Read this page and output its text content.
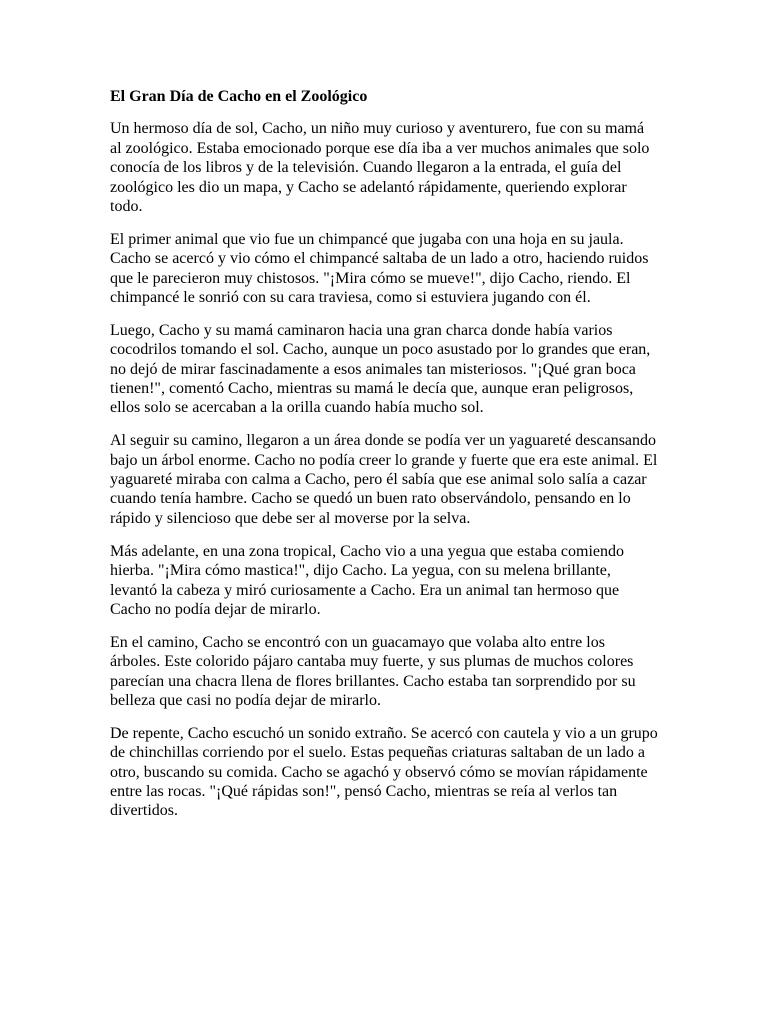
El Gran Día de Cacho en el Zoológico

Un hermoso día de sol, Cacho, un niño muy curioso y aventurero, fue con su mamá al zoológico. Estaba emocionado porque ese día iba a ver muchos animales que solo conocía de los libros y de la televisión. Cuando llegaron a la entrada, el guía del zoológico les dio un mapa, y Cacho se adelantó rápidamente, queriendo explorar todo.

El primer animal que vio fue un chimpancé que jugaba con una hoja en su jaula. Cacho se acercó y vio cómo el chimpancé saltaba de un lado a otro, haciendo ruidos que le parecieron muy chistosos. "¡Mira cómo se mueve!", dijo Cacho, riendo. El chimpancé le sonrió con su cara traviesa, como si estuviera jugando con él.

Luego, Cacho y su mamá caminaron hacia una gran charca donde había varios cocodrilos tomando el sol. Cacho, aunque un poco asustado por lo grandes que eran, no dejó de mirar fascinadamente a esos animales tan misteriosos. "¡Qué gran boca tienen!", comentó Cacho, mientras su mamá le decía que, aunque eran peligrosos, ellos solo se acercaban a la orilla cuando había mucho sol.

Al seguir su camino, llegaron a un área donde se podía ver un yaguareté descansando bajo un árbol enorme. Cacho no podía creer lo grande y fuerte que era este animal. El yaguareté miraba con calma a Cacho, pero él sabía que ese animal solo salía a cazar cuando tenía hambre. Cacho se quedó un buen rato observándolo, pensando en lo rápido y silencioso que debe ser al moverse por la selva.

Más adelante, en una zona tropical, Cacho vio a una yegua que estaba comiendo hierba. "¡Mira cómo mastica!", dijo Cacho. La yegua, con su melena brillante, levantó la cabeza y miró curiosamente a Cacho. Era un animal tan hermoso que Cacho no podía dejar de mirarlo.

En el camino, Cacho se encontró con un guacamayo que volaba alto entre los árboles. Este colorido pájaro cantaba muy fuerte, y sus plumas de muchos colores parecían una chacra llena de flores brillantes. Cacho estaba tan sorprendido por su belleza que casi no podía dejar de mirarlo.

De repente, Cacho escuchó un sonido extraño. Se acercó con cautela y vio a un grupo de chinchillas corriendo por el suelo. Estas pequeñas criaturas saltaban de un lado a otro, buscando su comida. Cacho se agachó y observó cómo se movían rápidamente entre las rocas. "¡Qué rápidas son!", pensó Cacho, mientras se reía al verlos tan divertidos.
